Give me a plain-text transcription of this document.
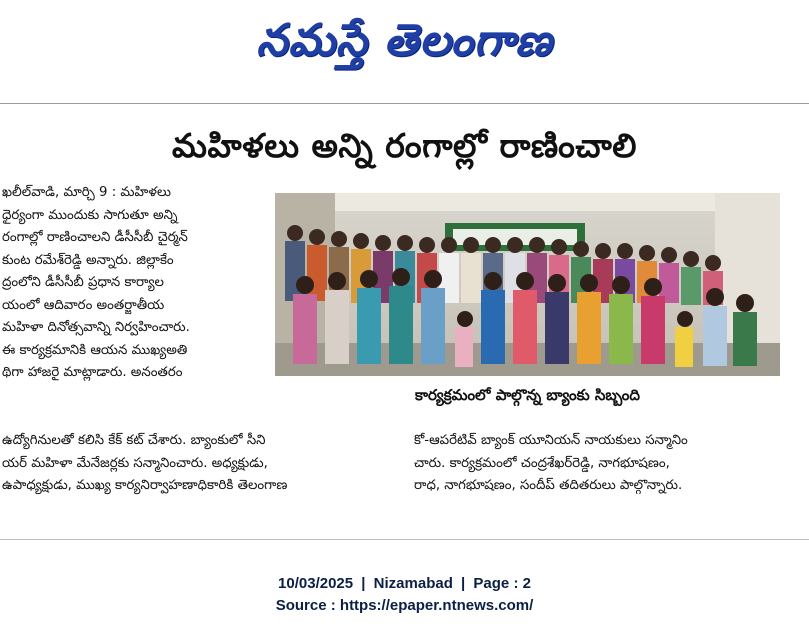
నమస్తే తెలంగాణ
మహిళలు అన్ని రంగాల్లో రాణించాలి
ఖలీల్‌వాడి, మార్చి 9 : మహిళలు
ధైర్యంగా ముందుకు సాగుతూ అన్ని
రంగాల్లో రాణించాలని డీసీసీబీ చైర్మన్
కుంట రమేశ్‌రెడ్డి అన్నారు. జిల్లాకేం
ద్రంలోని డీసీసీబీ ప్రధాన కార్యాల
యంలో ఆదివారం అంతర్జాతీయ
మహిళా దినోత్సవాన్ని నిర్వహించారు.
ఈ కార్యక్రమానికి ఆయన ముఖ్యఅతి
థిగా హాజరై మాట్లాడారు. అనంతరం
కార్యక్రమంలో పాల్గొన్న బ్యాంకు సిబ్బంది
ఉద్యోగినులతో కలిసి కేక్ కట్ చేశారు. బ్యాంకులో సీని
యర్ మహిళా మేనేజర్లకు సన్మానించారు. అధ్యక్షుడు,
ఉపాధ్యక్షుడు, ముఖ్య కార్యనిర్వాహణాధికారికి తెలంగాణ
కో-ఆపరేటివ్ బ్యాంక్ యూనియన్ నాయకులు సన్మానిం
చారు. కార్యక్రమంలో చంద్రశేఖర్‌రెడ్డి, నాగభూషణం,
రాధ, నాగభూషణం, సందీప్ తదితరులు పాల్గొన్నారు.
10/03/2025 | Nizamabad | Page : 2
Source : https://epaper.ntnews.com/
